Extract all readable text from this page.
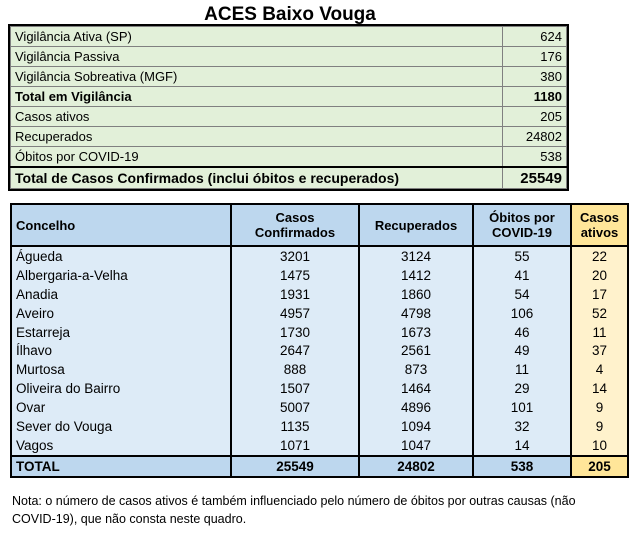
ACES Baixo Vouga
Vigilância Ativa (SP)	624
Vigilância Passiva	176
Vigilância Sobreativa (MGF)	380
Total em Vigilância	1180
Casos ativos	205
Recuperados	24802
Óbitos por COVID-19	538
Total de Casos Confirmados (inclui óbitos e recuperados)	25549
Concelho	Casos Confirmados	Recuperados	Óbitos por COVID-19	Casos ativos
Águeda	3201	3124	55	22
Albergaria-a-Velha	1475	1412	41	20
Anadia	1931	1860	54	17
Aveiro	4957	4798	106	52
Estarreja	1730	1673	46	11
Ílhavo	2647	2561	49	37
Murtosa	888	873	11	4
Oliveira do Bairro	1507	1464	29	14
Ovar	5007	4896	101	9
Sever do Vouga	1135	1094	32	9
Vagos	1071	1047	14	10
TOTAL	25549	24802	538	205
Nota: o número de casos ativos é também influenciado pelo número de óbitos por outras causas (não COVID-19), que não consta neste quadro.
